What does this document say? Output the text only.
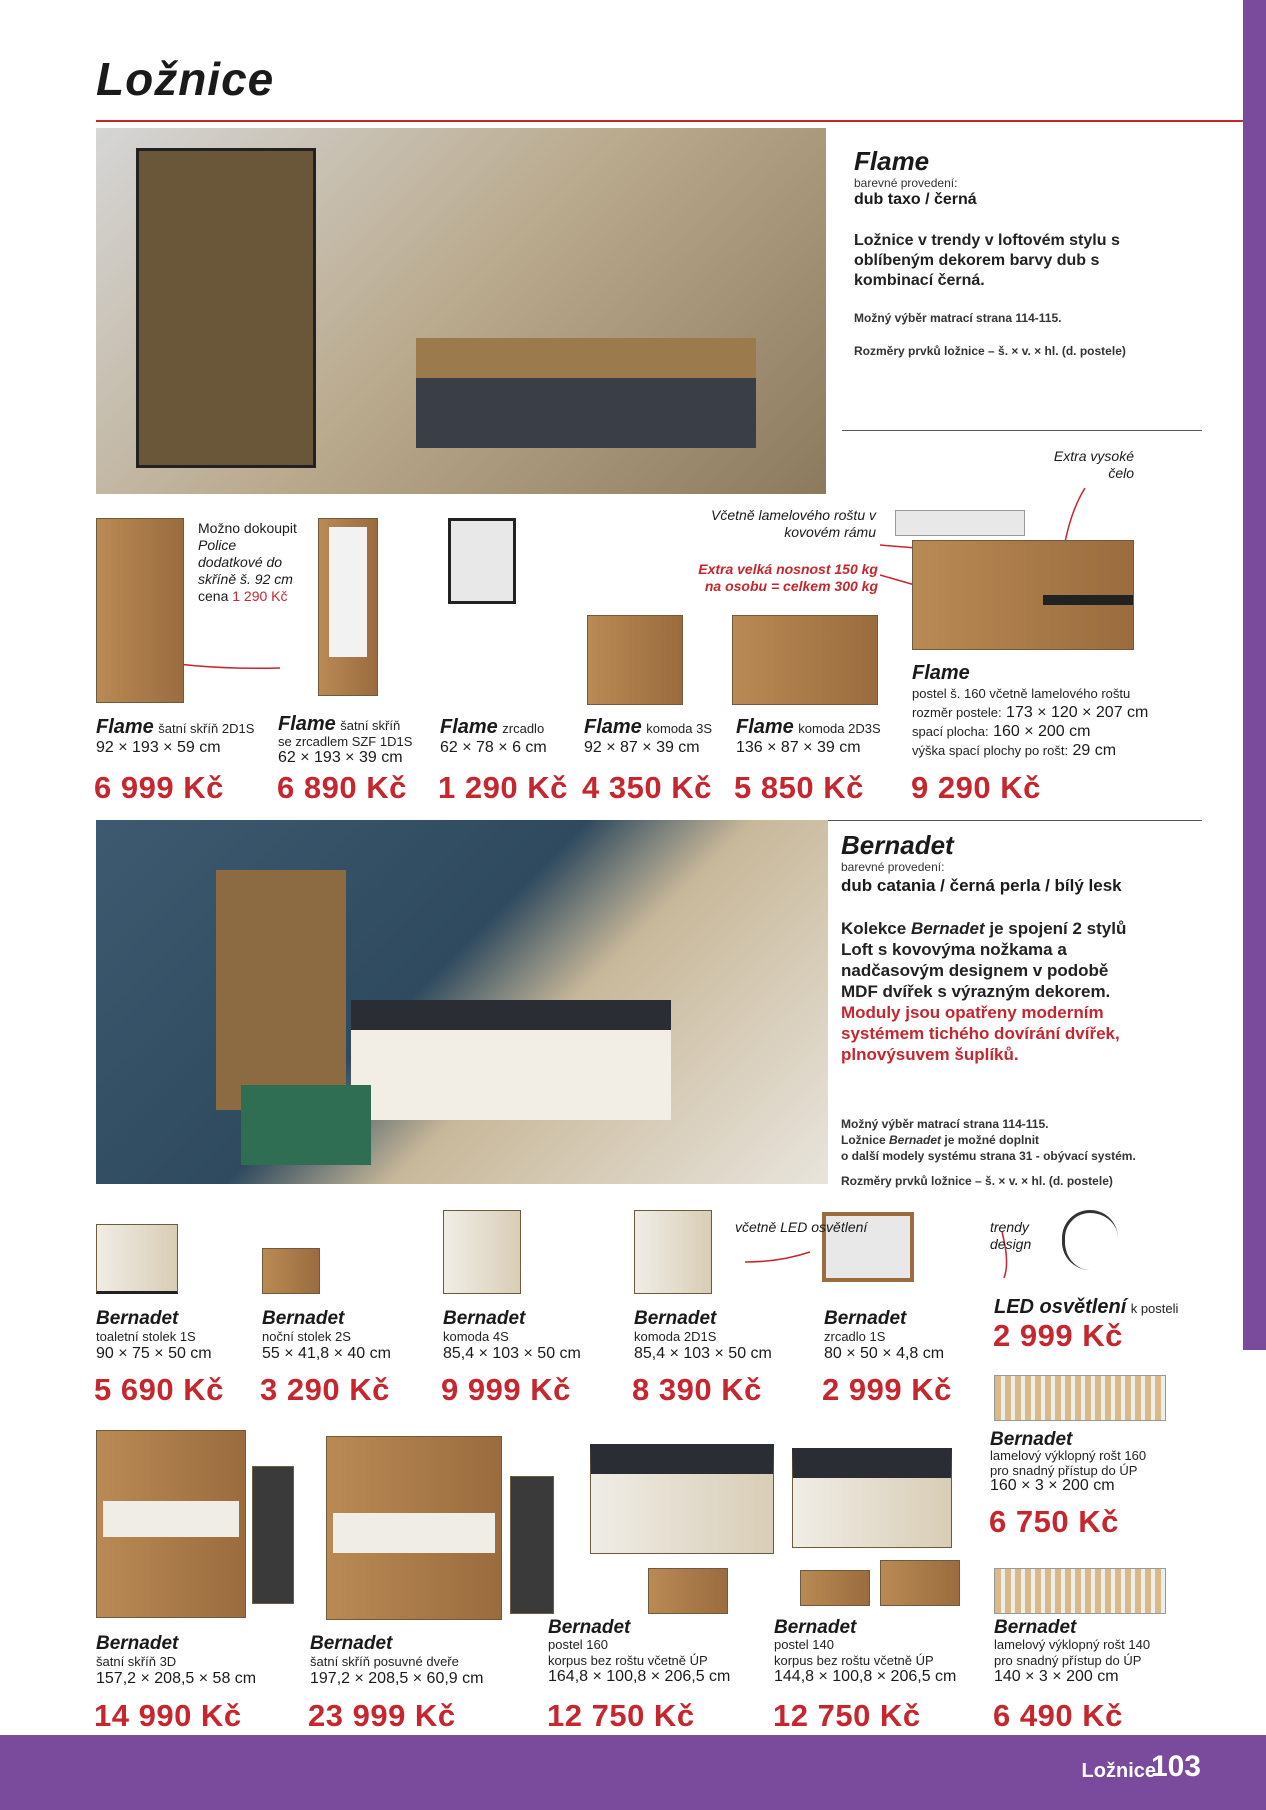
Ložnice
103
Ložnice
Flame
barevné provedení:
dub taxo / černá
Ložnice v trendy v loftovém stylu s oblíbeným dekorem barvy dub s kombinací černá.
Možný výběr matrací strana 114-115.
Rozměry prvků ložnice – š. × v. × hl. (d. postele)
Extra vysoké čelo
Včetně lamelového roštu v kovovém rámu
Extra velká nosnost 150 kg na osobu = celkem 300 kg
Možno dokoupit
Police dodatkové do skříně š. 92 cm
cena 1 290 Kč
Flame šatní skříň 2D1S
92 × 193 × 59 cm
6 999 Kč
Flame šatní skříň
se zrcadlem SZF 1D1S
62 × 193 × 39 cm
6 890 Kč
Flame zrcadlo
62 × 78 × 6 cm
1 290 Kč
Flame komoda 3S
92 × 87 × 39 cm
4 350 Kč
Flame komoda 2D3S
136 × 87 × 39 cm
5 850 Kč
Flame
postel š. 160 včetně lamelového roštu
rozměr postele: 173 × 120 × 207 cm
spací plocha: 160 × 200 cm
výška spací plochy po rošt: 29 cm
9 290 Kč
Bernadet
barevné provedení:
dub catania / černá perla / bílý lesk
Kolekce Bernadet je spojení 2 stylů Loft s kovovýma nožkama a nadčasovým designem v podobě MDF dvířek s výrazným dekorem. Moduly jsou opatřeny moderním systémem tichého dovírání dvířek, plnovýsuvem šuplíků.
Možný výběr matrací strana 114-115.
Ložnice Bernadet je možné doplnit
o další modely systému strana 31 - obývací systém.
Rozměry prvků ložnice – š. × v. × hl. (d. postele)
včetně LED osvětlení	trendy design
Bernadet
toaletní stolek 1S
90 × 75 × 50 cm
5 690 Kč
Bernadet
noční stolek 2S
55 × 41,8 × 40 cm
3 290 Kč
Bernadet
komoda 4S
85,4 × 103 × 50 cm
9 999 Kč
Bernadet
komoda 2D1S
85,4 × 103 × 50 cm
8 390 Kč
Bernadet
zrcadlo 1S
80 × 50 × 4,8 cm
2 999 Kč
LED osvětlení k posteli
2 999 Kč
Bernadet
lamelový výklopný rošt 160
pro snadný přístup do ÚP
160 × 3 × 200 cm
6 750 Kč
Bernadet
šatní skříň 3D
157,2 × 208,5 × 58 cm
14 990 Kč
Bernadet
šatní skříň posuvné dveře
197,2 × 208,5 × 60,9 cm
23 999 Kč
Bernadet
postel 160
korpus bez roštu včetně ÚP
164,8 × 100,8 × 206,5 cm
12 750 Kč
Bernadet
postel 140
korpus bez roštu včetně ÚP
144,8 × 100,8 × 206,5 cm
12 750 Kč
Bernadet
lamelový výklopný rošt 140
pro snadný přístup do ÚP
140 × 3 × 200 cm
6 490 Kč
